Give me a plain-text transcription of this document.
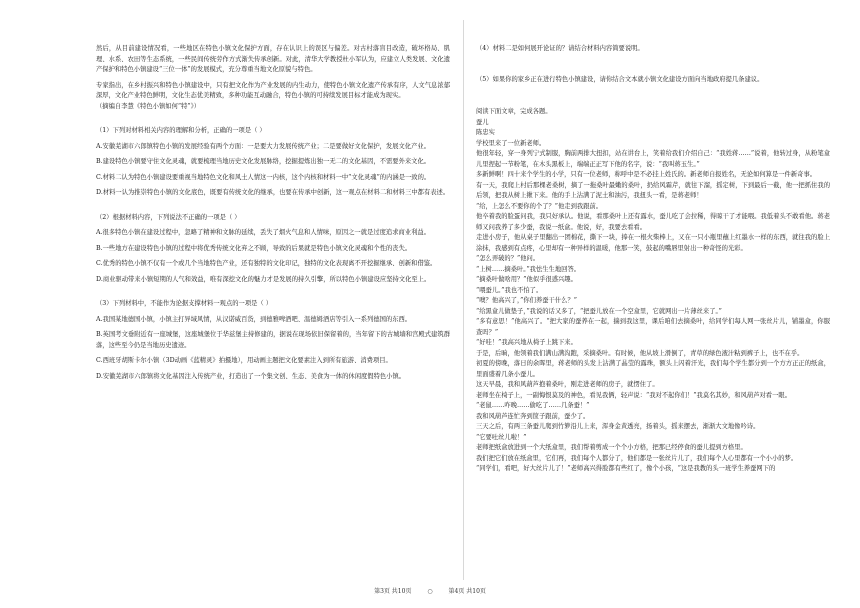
然后，从目前建设情况看，一些地区在特色小镇文化保护方面，存在认识上的误区与偏差。对古村落盲目改造，破坏格局、肌理、水系、农田等生态系统，一些民间传统劳作方式渐失传承创新。对此，清华大学教授杜小军认为，应建立人类发展、文化遗产保护和特色小镇建设“三位一体”的发展模式，充分尊重当地文化原貌与特色。

专家指出，在乡村振兴和特色小镇建设中，只有把文化作为产业发展的内生动力，使特色小镇文化遗产传承有序，人文气息浓郁深厚，文化产业特色鲜明，文化生态优美精致，多种功能互动融合，特色小镇的可持续发展目标才能成为现实。

（摘编自李慧《特色小镇如何“特”》）

（1）下列对材料相关内容的理解和分析，正确的一项是（ ）

A.安徽芜湖市六郎镇特色小镇的发展经验有两个方面：一是要大力发展传统产业；二是要做好文化保护，发展文化产业。

B.建设特色小镇要守住文化灵魂，就要梳理当地历史文化发展脉络，挖掘提炼出独一无二的文化基因，不需要外来文化。

C.材料二认为特色小镇建设要重视当地特色文化和风土人情这一内核，这个内核和材料一中“文化灵魂”的内涵是一致的。

D.材料一认为推崇特色小镇的文化底色，既要有传统文化的继承，也要在传承中创新，这一观点在材料二和材料三中都有表述。

（2）根据材料内容，下列说法不正确的一项是（ ）

A.很多特色小镇在建设过程中，忽略了精神和文脉的延续，丢失了烟火气息和人情味，原因之一就是过度追求商业利益。

B.一些地方在建设特色小镇的过程中将优秀传统文化弃之不顾，导致的后果就是特色小镇文化灵魂和个性的丧失。

C.优秀的特色小镇不仅有一个或几个当地特色产业，还有独特的文化印记，独特的文化表现离不开挖掘继承、创新和借鉴。

D.商业驱动带来小镇短期的人气和效益，唯有深挖文化的魅力才是发展的持久引擎，所以特色小镇建设应坚持文化至上。

（3）下列材料中，不能作为论据支撑材料一观点的一项是（ ）

A.我国某地德国小镇，小镇主打异域风情，从汉诺威百货，到德雅啤酒吧、温德姆酒店等引入一系列德国的东西。

B.英国考文垂附近有一座城堡，这座城堡位于华兹堡主持修建的，据说在现场依旧保留着的，当年留下的古城墙和宫殿式建筑群落，这些至今仍是当地历史遗迹。

C.西班牙胡斯卡尔小镇（3D动画《蓝精灵》拍摄地），用动画主题把文化要素注入到所有旅游、消费项目。

D.安徽芜湖市六郎镇将文化基因注入传统产业，打造出了一个集文创、生态、美食为一体的休闲度假特色小镇。

（4）材料二是如何展开论证的？请结合材料内容简要说明。

（5）如果你的家乡正在进行特色小镇建设，请你结合文本就小镇文化建设方面向当地政府提几条建议。

阅读下面文章，完成各题。

蚕儿

陈忠实

学校里来了一位新老师。

他很年轻，穿一身列宁式制服，胸前两排大扭扣，站在讲台上，笑着给我们介绍自己：“我姓蒋……”说着，他转过身，从粉笔盒儿里捏起一节粉笔，在木头黑板上，端端正正写下他的名字，说：“我叫蒋玉生。”

多新鲜啊！四十来个学生的小学，只有一位老师，称呼中是不必挂上姓氏的。新老师自报姓名，无论如何算是一件新奇事。

有一天，我爬上村后那棵老桑树，摘了一拖桑叶最嫩的桑叶，扔给风霜芹，就往下溜，摇定树，下到最后一截，他一把抓住我的后领，把我从树上揪下来。他的手上沾满了泥土和油污，我扭头一看，是蒋老师！

“给，上怎么不要你的个了？”他走到我跟前。

他卒着我的脸蛋问我，我只好承认。他说，看那桑叶上还有露水，蚕儿吃了会拉稀，得晾干了才能喂。我低着头不敢看他。蒋老师又问我养了多少蚕，我说一纸盒。他说，好，我要去看看。

走进小房子，他从桌子里翻出一团棉花，撕下一块，捧在一根火柴棒上，又在一只小瓶里蘸上红墨水一样的东西，就往我的脸上涂抹，我感到有点疼，心里却有一种异样的温暖，他那一笑，鼓起的嘴唇里射出一种奇怪的光彩。

“怎么弄破的？”他问。

“上树……摘桑叶。”我怯生生地回答。

“摘桑叶做啥用？”他似乎很惑兴趣。

“喂蚕儿。”我也不怕了。

“噢？他高兴了，”你们养蚕干什么？”

“给黑盒儿做垫子，”我说的话又多了，“把蚕儿放在一个空盒里，它就网出一片薄丝来了。”

“多有意思！”他高兴了。“把大家的蚕养在一起，揣到我这里，课后咱们去摘桑叶，给同学们每人网一张丝片儿，铺墨盒，你服查吗？”

“好哇！”我高兴地从椅子上跳下来。

于是，后晌，他领着我们满山满沟跑，采摘桑叶。有时候，他从坡上滑倒了，青草的绿色液汁粘到裤子上，也不在乎。

初夏的傍晚，落日的余晖里，蒋老师的头发上沾满了晶莹的露珠，额头上闪着汗光，我们每个学生都分到一个方方正正的纸盒，里面盛着几条小蚕儿。

这天早晨，我和风葫芦抱着桑叶，刚走进老师的房子，就愣住了。

老师坐在椅子上，一副悔恨莫及的神色，看见我俩，轻声说：“我对不起你们！”我莫名其妙，和风葫芦对看一眼。

“老鼠……咋晚……偷吃了……几条蚕！”

我和风葫芦连忙奔到筐子跟前，蚕少了。

三天之后，有两三条蚕儿爬到竹箩沿儿上来，浑身金黄透亮，扬着头，摇来摆去，渐渐大文地像吟诗。

“它要吐丝儿啦！”

老师把纸盒放进到一个大纸盒里，我们帮着剪成一个个小方格，把那已经停食的蚕儿提到方格里。

我们把它们放在纸盒里，它们再，我们每个人都分了，他们都是一张丝片儿了，我们每个人心里都有一个小小的梦。

“同学们，看吧，好大丝片儿了！”老师高兴得脸都有些红了，像个小孩，“这是我教的头一班学生养蚕网下的

第3页 共10页	○	第4页 共10页
